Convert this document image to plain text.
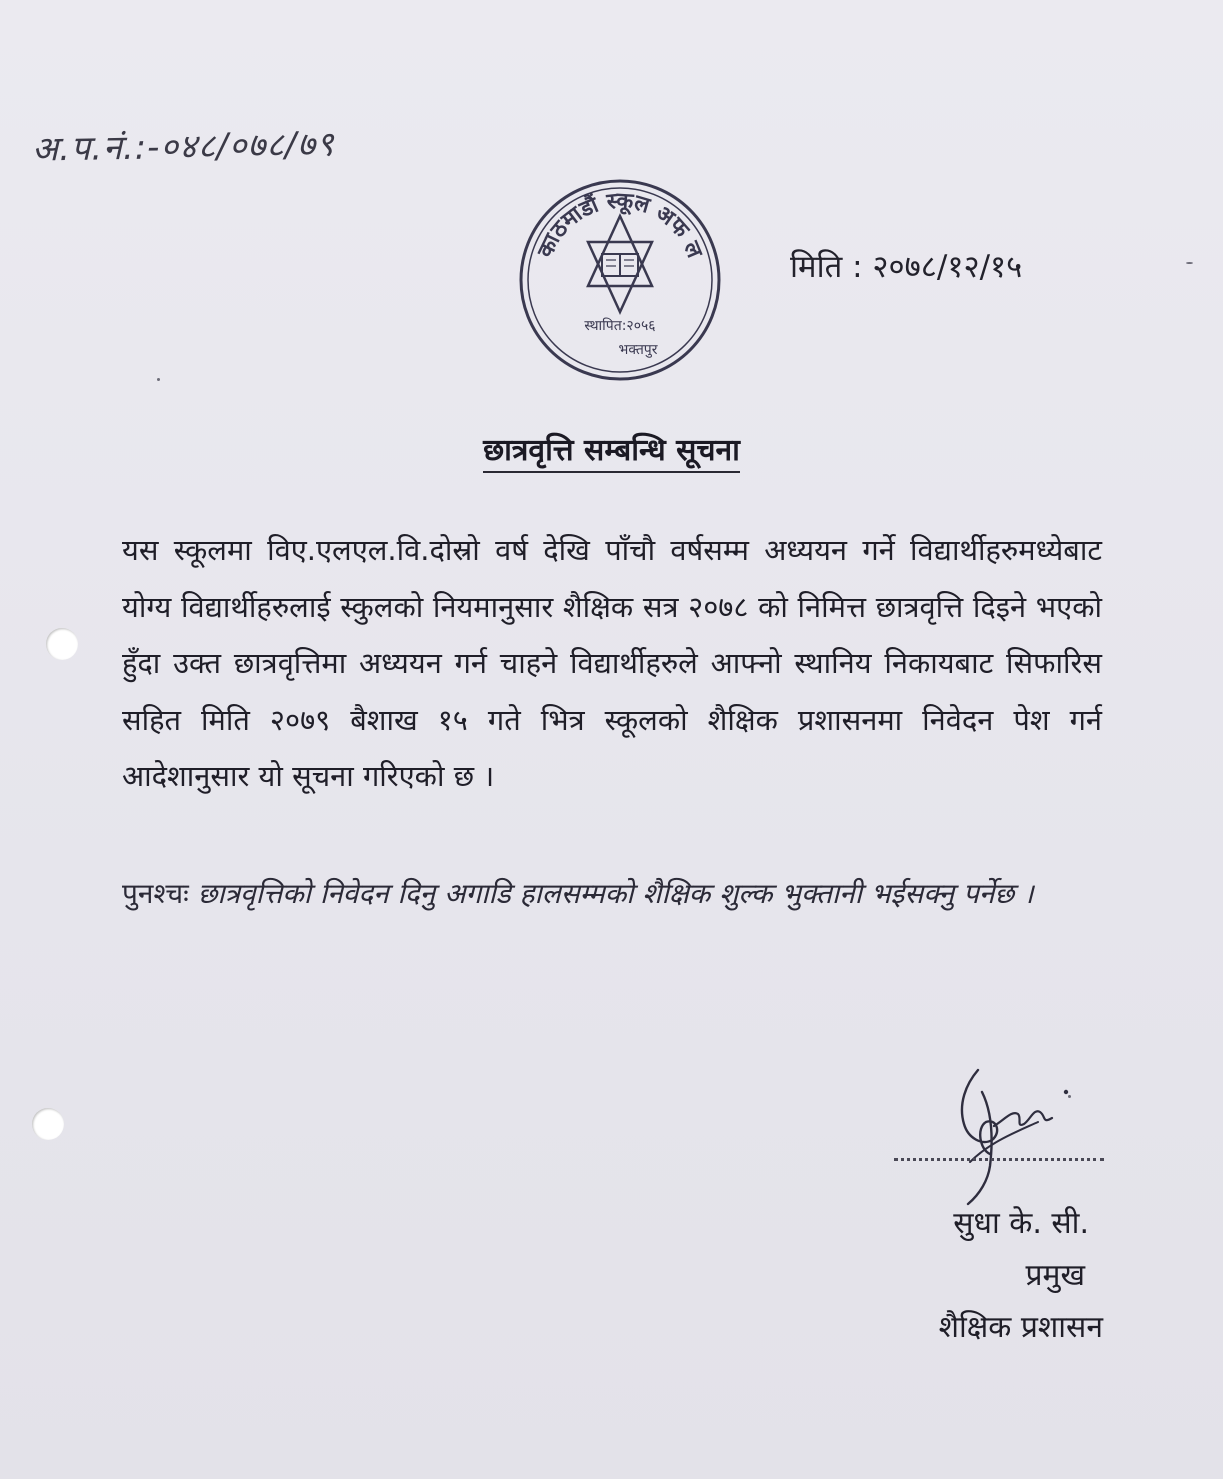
अ.प.नं.:-०४८/०७८/७९
काठमाडौं स्कूल अफ ल
स्थापित:२०५६
भक्तपुर
मिति : २०७८/१२/१५
छात्रवृत्ति सम्बन्धि सूचना
यस स्कूलमा विए.एलएल.वि.दोस्रो वर्ष देखि पाँचौ वर्षसम्म अध्ययन गर्ने विद्यार्थीहरुमध्येबाट योग्य विद्यार्थीहरुलाई स्कुलको नियमानुसार शैक्षिक सत्र २०७८ को निमित्त छात्रवृत्ति दिइने भएको हुँदा उक्त छात्रवृत्तिमा अध्ययन गर्न चाहने विद्यार्थीहरुले आफ्नो स्थानिय निकायबाट सिफारिस सहित मिति २०७९ बैशाख १५ गते भित्र स्कूलको शैक्षिक प्रशासनमा निवेदन पेश गर्न आदेशानुसार यो सूचना गरिएको छ ।
पुनश्चः छात्रवृत्तिको निवेदन दिनु अगाडि हालसम्मको शैक्षिक शुल्क भुक्तानी भईसक्नु पर्नेछ ।
सुधा के. सी.
प्रमुख
शैक्षिक प्रशासन
